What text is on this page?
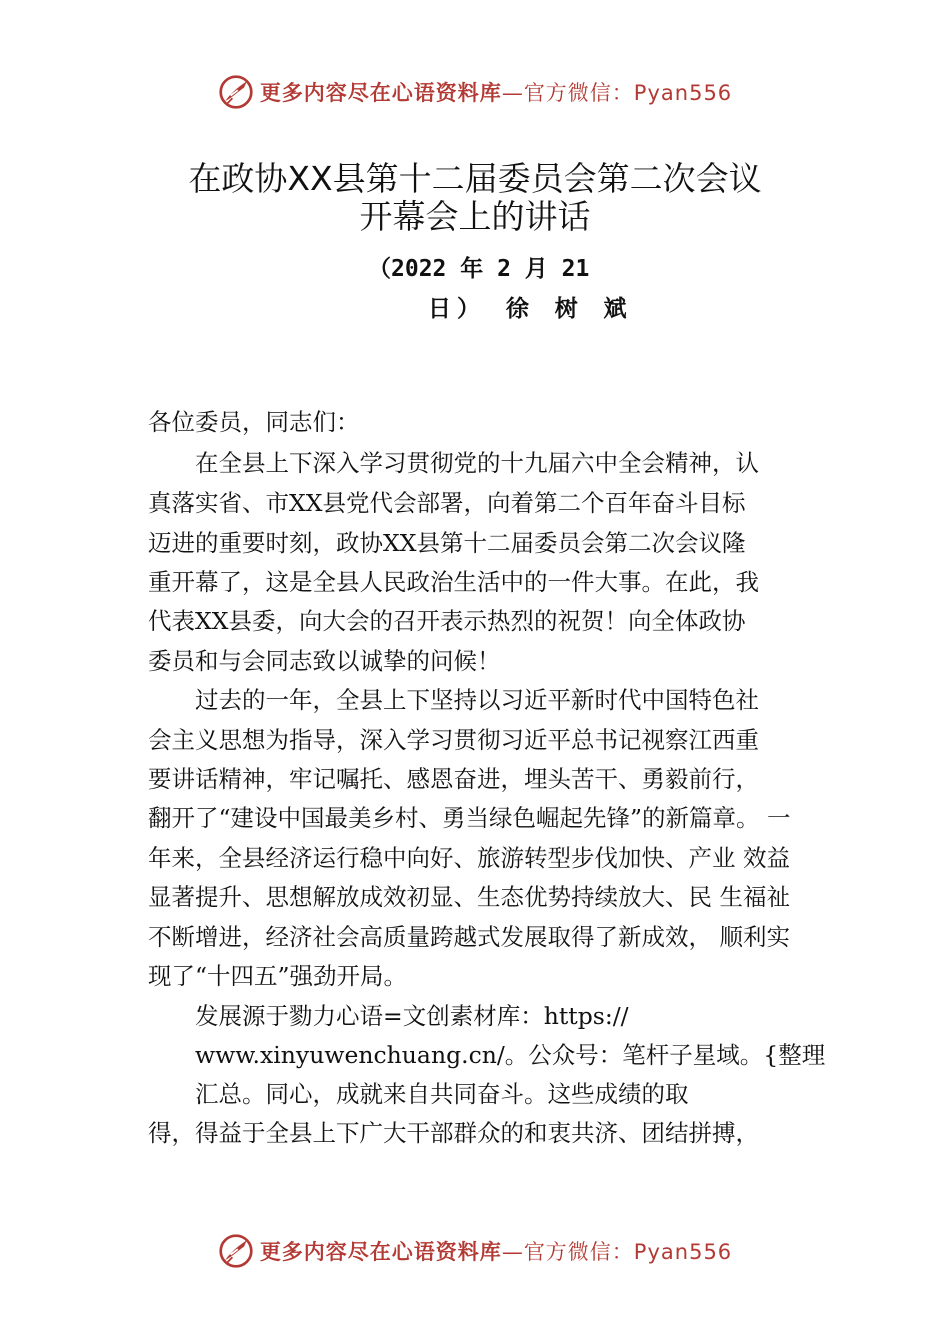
更多内容尽在心语资料库—官方微信：Pyan556
在政协XX县第十二届委员会第二次会议
开幕会上的讲话
（2022 年 2 月 21
日） 徐 树 斌
各位委员，同志们：
　　在全县上下深入学习贯彻党的十九届六中全会精神，认
真落实省、市XX县党代会部署，向着第二个百年奋斗目标
迈进的重要时刻，政协XX县第十二届委员会第二次会议隆
重开幕了，这是全县人民政治生活中的一件大事。在此，我
代表XX县委，向大会的召开表示热烈的祝贺！向全体政协
委员和与会同志致以诚挚的问候！
　　过去的一年，全县上下坚持以习近平新时代中国特色社
会主义思想为指导，深入学习贯彻习近平总书记视察江西重
要讲话精神，牢记嘱托、感恩奋进，埋头苦干、勇毅前行，
翻开了“建设中国最美乡村、勇当绿色崛起先锋”的新篇章。 一
年来，全县经济运行稳中向好、旅游转型步伐加快、产业 效益
显著提升、思想解放成效初显、生态优势持续放大、民 生福祉
不断增进，经济社会高质量跨越式发展取得了新成效， 顺利实
现了“十四五”强劲开局。
　　发展源于勠力心语=文创素材库：https://
　　www.xinyuwenchuang.cn/。公众号：笔杆子星域。{整理
　　汇总。同心，成就来自共同奋斗。这些成绩的取
得，得益于全县上下广大干部群众的和衷共济、团结拼搏，
更多内容尽在心语资料库—官方微信：Pyan556
